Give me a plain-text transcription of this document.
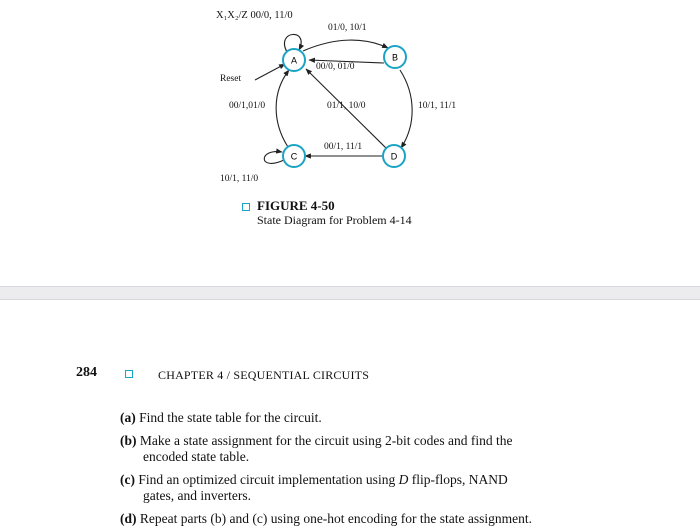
A	B
C	D
X₁X₂/Z 00/0, 11/0
01/0, 10/1
00/0, 01/0
Reset
00/1,01/0	01/1, 10/0	10/1, 11/1
00/1, 11/1
10/1, 11/0
FIGURE 4-50
State Diagram for Problem 4-14
284	CHAPTER 4 / SEQUENTIAL CIRCUITS
(a) Find the state table for the circuit.
(b) Make a state assignment for the circuit using 2-bit codes and find the
encoded state table.
(c) Find an optimized circuit implementation using D flip-flops, NAND
gates, and inverters.
(d) Repeat parts (b) and (c) using one-hot encoding for the state assignment.
